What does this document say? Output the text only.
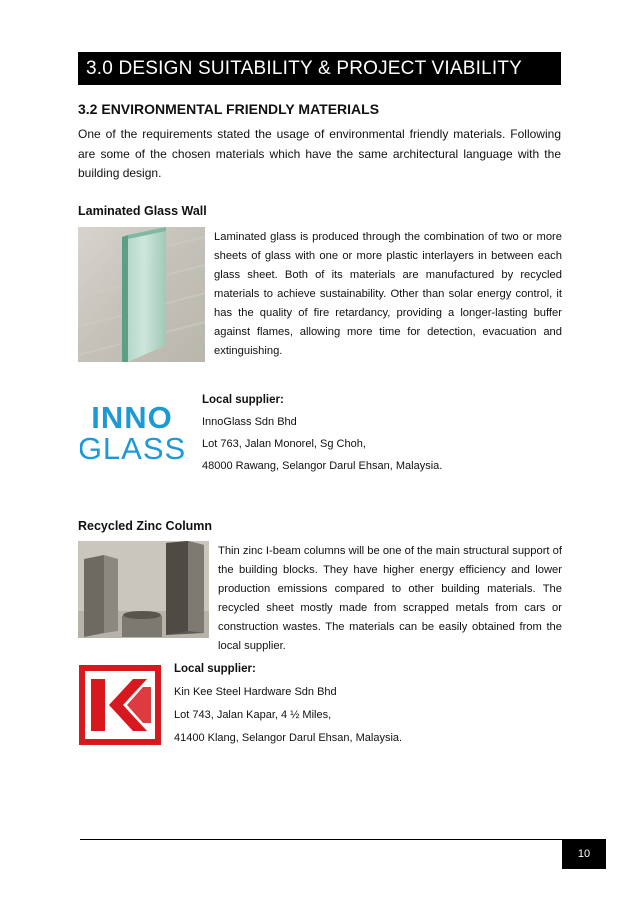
3.0 DESIGN SUITABILITY & PROJECT VIABILITY
3.2 ENVIRONMENTAL FRIENDLY MATERIALS
One of the requirements stated the usage of environmental friendly materials. Following are some of the chosen materials which have the same architectural language with the building design.
Laminated Glass Wall
Laminated glass is produced through the combination of two or more sheets of glass with one or more plastic interlayers in between each glass sheet. Both of its materials are manufactured by recycled materials to achieve sustainability. Other than solar energy control, it has the quality of fire retardancy, providing a longer-lasting buffer against flames, allowing more time for detection, evacuation and extinguishing.
INNO
GLASS
Local supplier:
InnoGlass Sdn Bhd
Lot 763, Jalan Monorel, Sg Choh,
48000 Rawang, Selangor Darul Ehsan, Malaysia.
Recycled Zinc Column
Thin zinc I-beam columns will be one of the main structural support of the building blocks. They have higher energy efficiency and lower production emissions compared to other building materials. The recycled sheet mostly made from scrapped metals from cars or construction wastes. The materials can be easily obtained from the local supplier.
Local supplier:
Kin Kee Steel Hardware Sdn Bhd
Lot 743, Jalan Kapar, 4 ½ Miles,
41400 Klang, Selangor Darul Ehsan, Malaysia.
10
